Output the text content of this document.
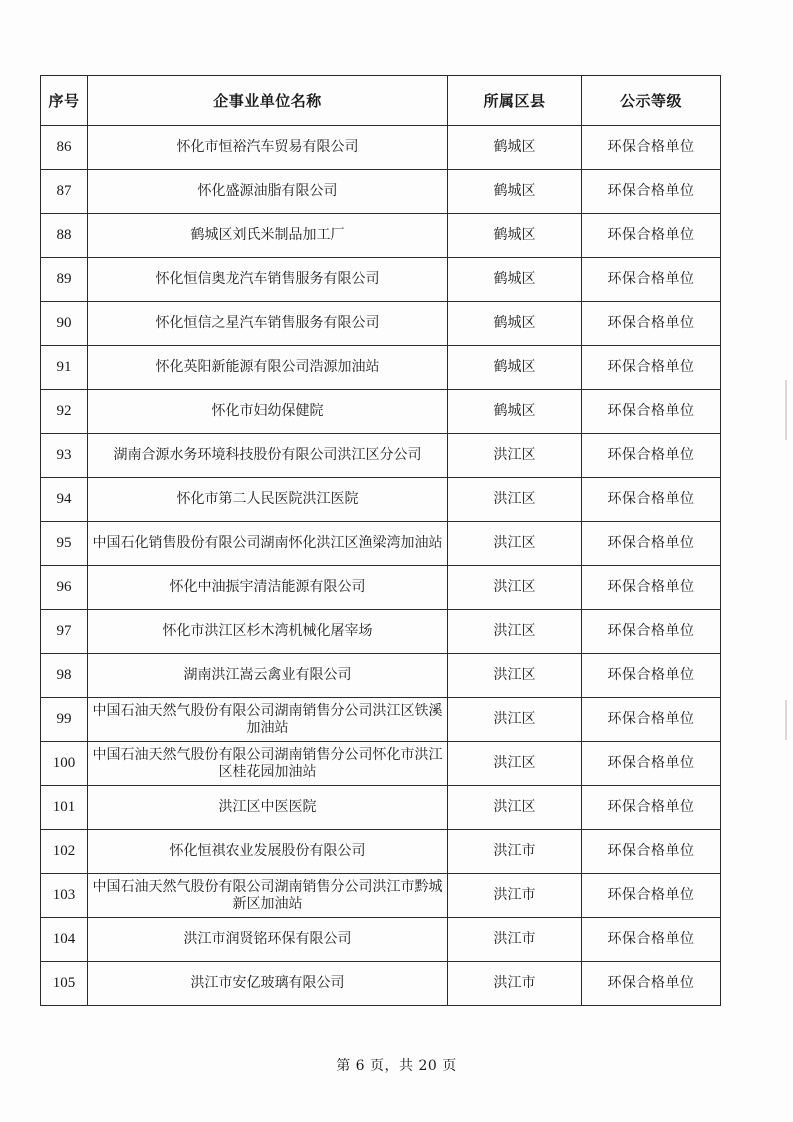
序号	企事业单位名称	所属区县	公示等级
86	怀化市恒裕汽车贸易有限公司	鹤城区	环保合格单位
87	怀化盛源油脂有限公司	鹤城区	环保合格单位
88	鹤城区刘氏米制品加工厂	鹤城区	环保合格单位
89	怀化恒信奥龙汽车销售服务有限公司	鹤城区	环保合格单位
90	怀化恒信之星汽车销售服务有限公司	鹤城区	环保合格单位
91	怀化英阳新能源有限公司浩源加油站	鹤城区	环保合格单位
92	怀化市妇幼保健院	鹤城区	环保合格单位
93	湖南合源水务环境科技股份有限公司洪江区分公司	洪江区	环保合格单位
94	怀化市第二人民医院洪江医院	洪江区	环保合格单位
95	中国石化销售股份有限公司湖南怀化洪江区渔梁湾加油站	洪江区	环保合格单位
96	怀化中油振宇清洁能源有限公司	洪江区	环保合格单位
97	怀化市洪江区杉木湾机械化屠宰场	洪江区	环保合格单位
98	湖南洪江嵩云禽业有限公司	洪江区	环保合格单位
99	中国石油天然气股份有限公司湖南销售分公司洪江区铁溪加油站	洪江区	环保合格单位
100	中国石油天然气股份有限公司湖南销售分公司怀化市洪江区桂花园加油站	洪江区	环保合格单位
101	洪江区中医医院	洪江区	环保合格单位
102	怀化恒祺农业发展股份有限公司	洪江市	环保合格单位
103	中国石油天然气股份有限公司湖南销售分公司洪江市黔城新区加油站	洪江市	环保合格单位
104	洪江市润贤铭环保有限公司	洪江市	环保合格单位
105	洪江市安亿玻璃有限公司	洪江市	环保合格单位
第 6 页，共 20 页
